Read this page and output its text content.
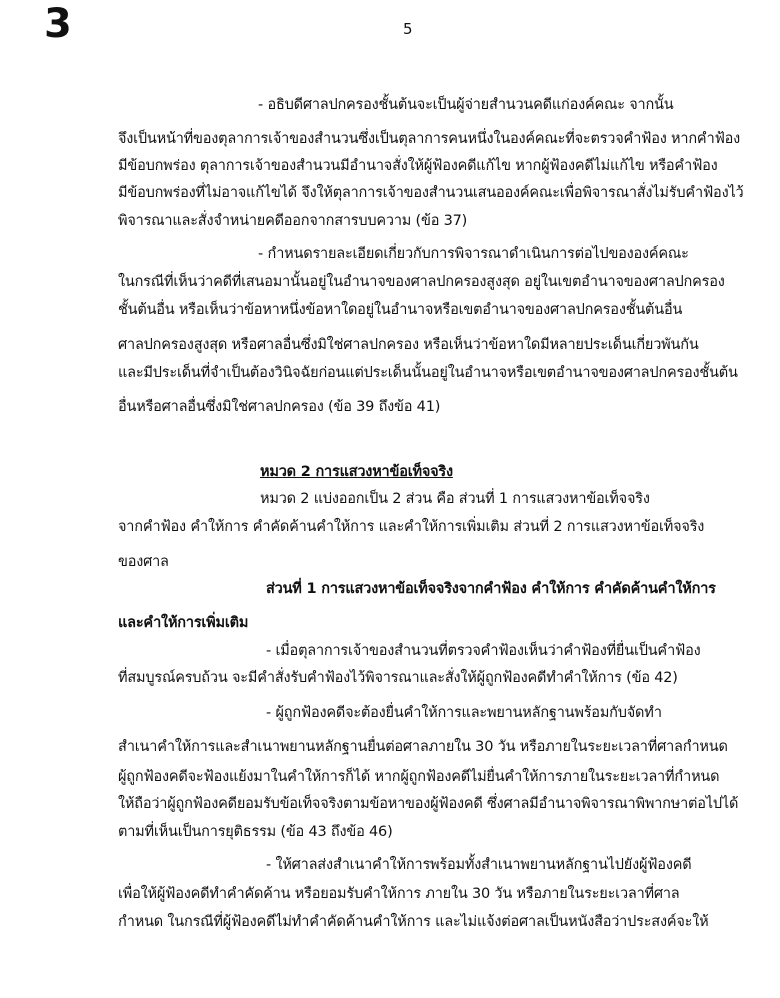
3	5
- อธิบดีศาลปกครองชั้นต้นจะเป็นผู้จ่ายสำนวนคดีแก่องค์คณะ จากนั้น
จึงเป็นหน้าที่ของตุลาการเจ้าของสำนวนซึ่งเป็นตุลาการคนหนึ่งในองค์คณะที่จะตรวจคำฟ้อง หากคำฟ้อง
มีข้อบกพร่อง ตุลาการเจ้าของสำนวนมีอำนาจสั่งให้ผู้ฟ้องคดีแก้ไข หากผู้ฟ้องคดีไม่แก้ไข หรือคำฟ้อง
มีข้อบกพร่องที่ไม่อาจแก้ไขได้ จึงให้ตุลาการเจ้าของสำนวนเสนอองค์คณะเพื่อพิจารณาสั่งไม่รับคำฟ้องไว้
พิจารณาและสั่งจำหน่ายคดีออกจากสารบบความ (ข้อ 37)
- กำหนดรายละเอียดเกี่ยวกับการพิจารณาดำเนินการต่อไปขององค์คณะ
ในกรณีที่เห็นว่าคดีที่เสนอมานั้นอยู่ในอำนาจของศาลปกครองสูงสุด อยู่ในเขตอำนาจของศาลปกครอง
ชั้นต้นอื่น หรือเห็นว่าข้อหาหนึ่งข้อหาใดอยู่ในอำนาจหรือเขตอำนาจของศาลปกครองชั้นต้นอื่น
ศาลปกครองสูงสุด หรือศาลอื่นซึ่งมิใช่ศาลปกครอง หรือเห็นว่าข้อหาใดมีหลายประเด็นเกี่ยวพันกัน
และมีประเด็นที่จำเป็นต้องวินิจฉัยก่อนแต่ประเด็นนั้นอยู่ในอำนาจหรือเขตอำนาจของศาลปกครองชั้นต้น
อื่นหรือศาลอื่นซึ่งมิใช่ศาลปกครอง (ข้อ 39 ถึงข้อ 41)
หมวด 2 การแสวงหาข้อเท็จจริง
หมวด 2 แบ่งออกเป็น 2 ส่วน คือ ส่วนที่ 1 การแสวงหาข้อเท็จจริง
จากคำฟ้อง คำให้การ คำคัดค้านคำให้การ และคำให้การเพิ่มเติม ส่วนที่ 2 การแสวงหาข้อเท็จจริง
ของศาล
ส่วนที่ 1 การแสวงหาข้อเท็จจริงจากคำฟ้อง คำให้การ คำคัดค้านคำให้การ
และคำให้การเพิ่มเติม
- เมื่อตุลาการเจ้าของสำนวนที่ตรวจคำฟ้องเห็นว่าคำฟ้องที่ยื่นเป็นคำฟ้อง
ที่สมบูรณ์ครบถ้วน จะมีคำสั่งรับคำฟ้องไว้พิจารณาและสั่งให้ผู้ถูกฟ้องคดีทำคำให้การ (ข้อ 42)
- ผู้ถูกฟ้องคดีจะต้องยื่นคำให้การและพยานหลักฐานพร้อมกับจัดทำ
สำเนาคำให้การและสำเนาพยานหลักฐานยื่นต่อศาลภายใน 30 วัน หรือภายในระยะเวลาที่ศาลกำหนด
ผู้ถูกฟ้องคดีจะฟ้องแย้งมาในคำให้การก็ได้ หากผู้ถูกฟ้องคดีไม่ยื่นคำให้การภายในระยะเวลาที่กำหนด
ให้ถือว่าผู้ถูกฟ้องคดียอมรับข้อเท็จจริงตามข้อหาของผู้ฟ้องคดี ซึ่งศาลมีอำนาจพิจารณาพิพากษาต่อไปได้
ตามที่เห็นเป็นการยุติธรรม (ข้อ 43 ถึงข้อ 46)
- ให้ศาลส่งสำเนาคำให้การพร้อมทั้งสำเนาพยานหลักฐานไปยังผู้ฟ้องคดี
เพื่อให้ผู้ฟ้องคดีทำคำคัดค้าน หรือยอมรับคำให้การ ภายใน 30 วัน หรือภายในระยะเวลาที่ศาล
กำหนด ในกรณีที่ผู้ฟ้องคดีไม่ทำคำคัดค้านคำให้การ และไม่แจ้งต่อศาลเป็นหนังสือว่าประสงค์จะให้
